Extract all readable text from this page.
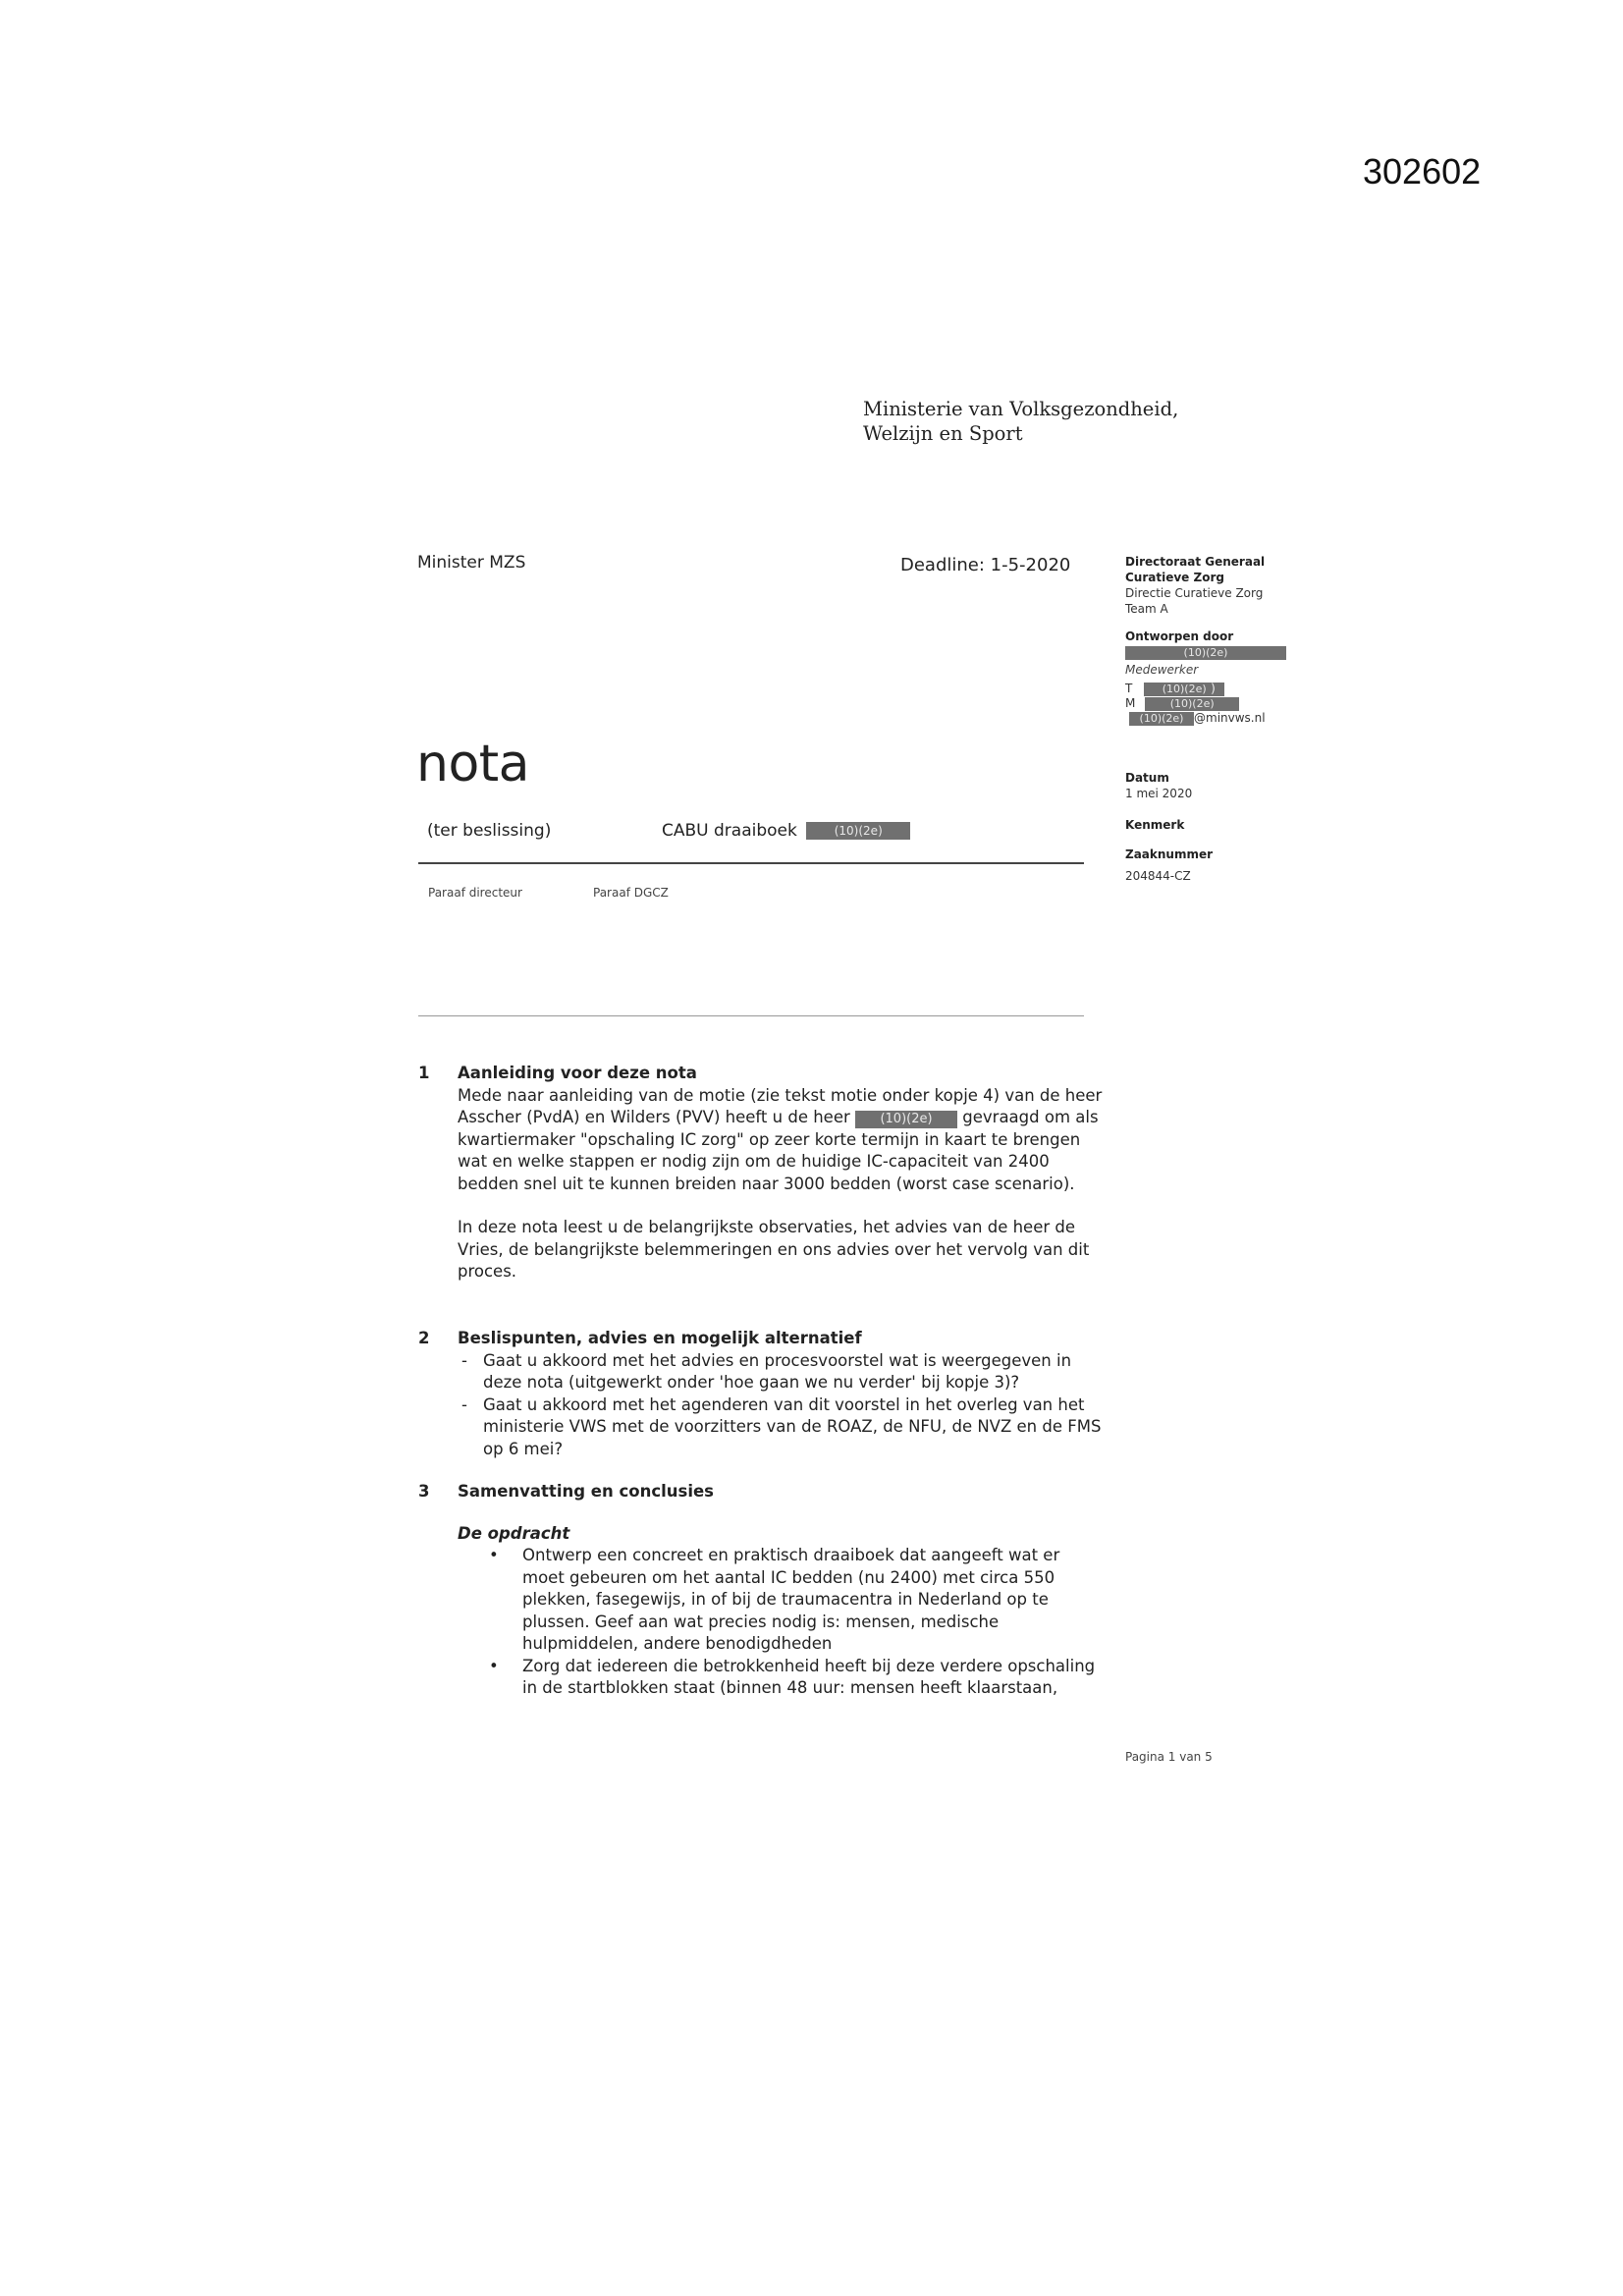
302602
Ministerie van Volksgezondheid,
Welzijn en Sport
Minister MZS	Deadline: 1-5-2020
nota
(ter beslissing)	CABU draaiboek	(10)(2e)
Paraaf directeur	Paraaf DGCZ
Directoraat Generaal
Curatieve Zorg
Directie Curatieve Zorg
Team A
Ontworpen door
(10)(2e)
Medewerker
T	(10)(2e) )
M	(10)(2e)
(10)(2e) @minvws.nl
Datum
1 mei 2020
Kenmerk
Zaaknummer
204844-CZ
1 Aanleiding voor deze nota

Mede naar aanleiding van de motie (zie tekst motie onder kopje 4) van de heer Asscher (PvdA) en Wilders (PVV) heeft u de heer (10)(2e) gevraagd om als kwartiermaker "opschaling IC zorg" op zeer korte termijn in kaart te brengen wat en welke stappen er nodig zijn om de huidige IC-capaciteit van 2400 bedden snel uit te kunnen breiden naar 3000 bedden (worst case scenario).

In deze nota leest u de belangrijkste observaties, het advies van de heer de Vries, de belangrijkste belemmeringen en ons advies over het vervolg van dit proces.

2 Beslispunten, advies en mogelijk alternatief
- Gaat u akkoord met het advies en procesvoorstel wat is weergegeven in deze nota (uitgewerkt onder 'hoe gaan we nu verder' bij kopje 3)?
- Gaat u akkoord met het agenderen van dit voorstel in het overleg van het ministerie VWS met de voorzitters van de ROAZ, de NFU, de NVZ en de FMS op 6 mei?
3 Samenvatting en conclusies

De opdracht

• Ontwerp een concreet en praktisch draaiboek dat aangeeft wat er moet gebeuren om het aantal IC bedden (nu 2400) met circa 550 plekken, fasegewijs, in of bij de traumacentra in Nederland op te plussen. Geef aan wat precies nodig is: mensen, medische hulpmiddelen, andere benodigdheden
• Zorg dat iedereen die betrokkenheid heeft bij deze verdere opschaling in de startblokken staat (binnen 48 uur: mensen heeft klaarstaan,
Pagina 1 van 5
